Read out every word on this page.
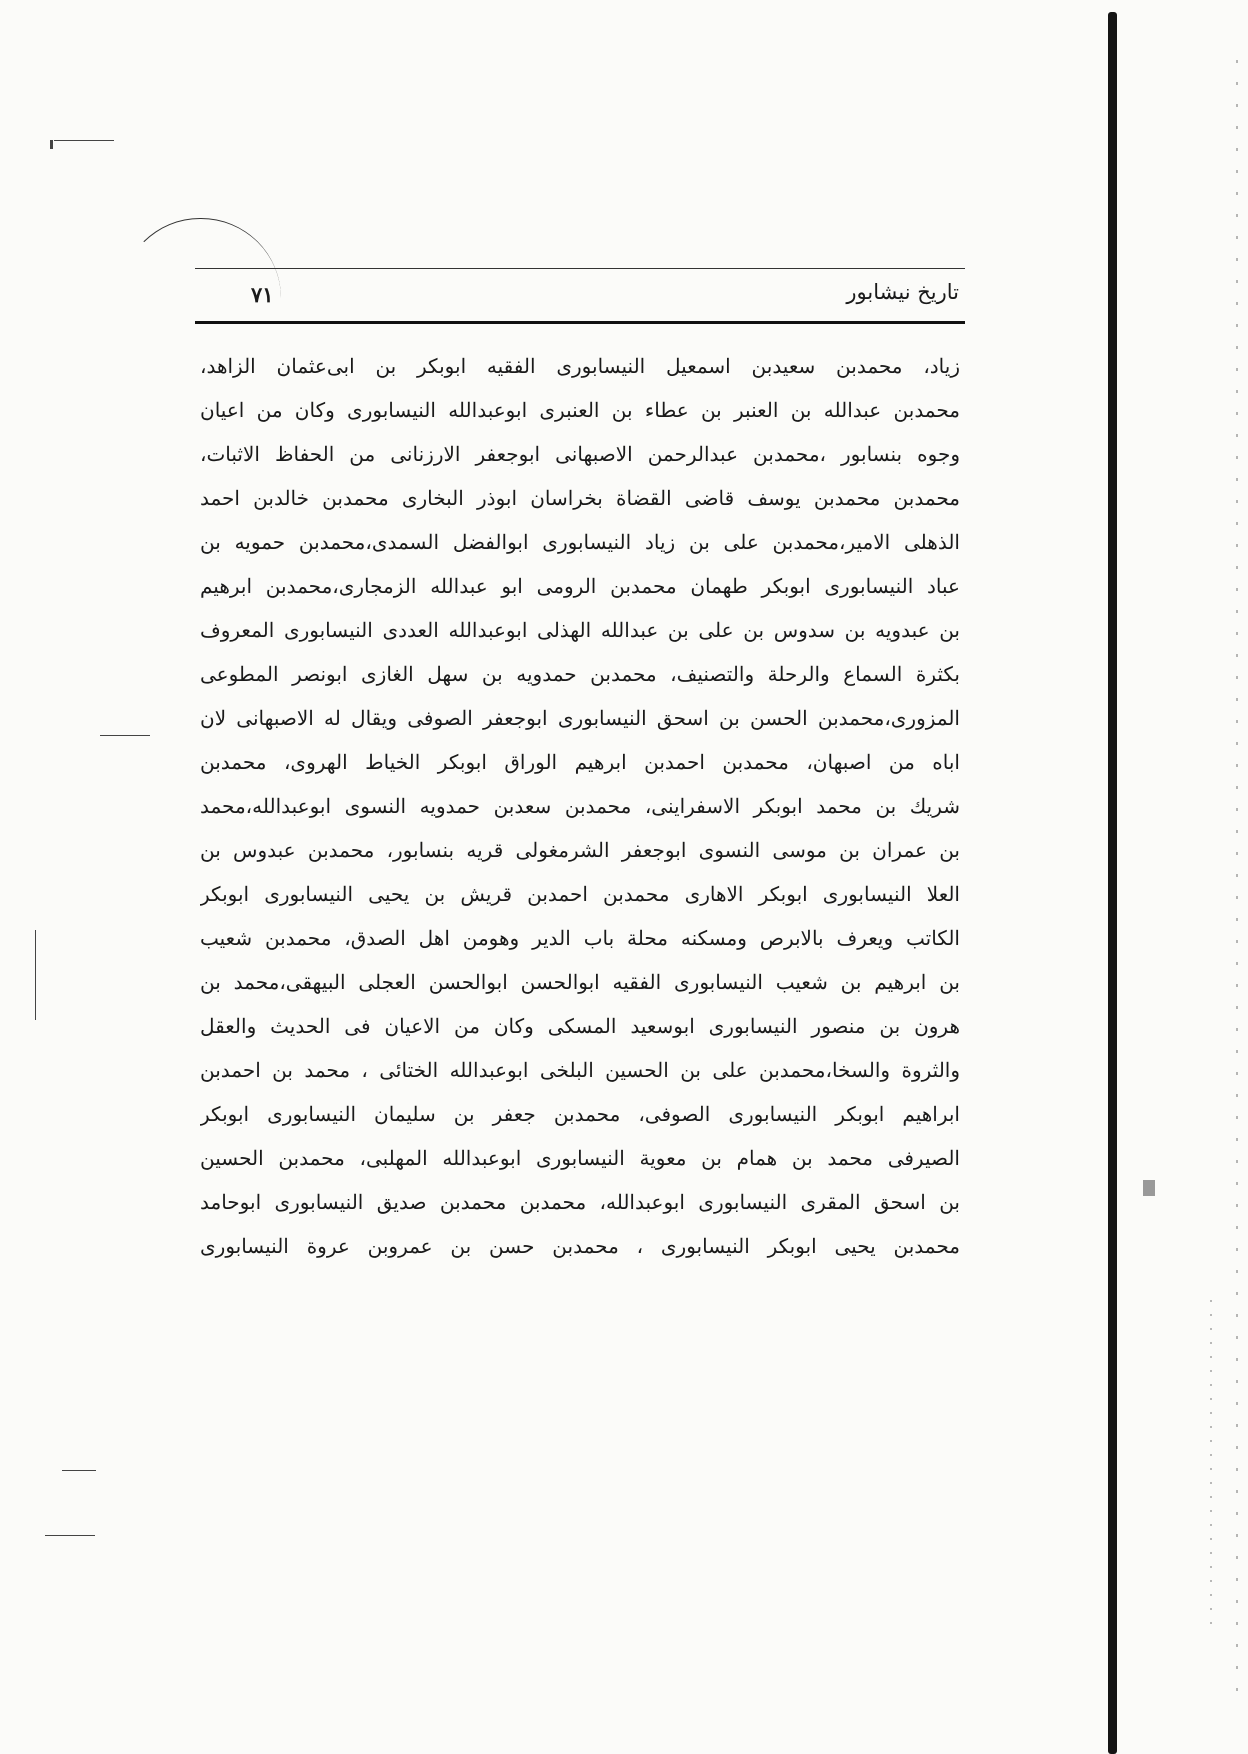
٧١	تاريخ نيشابور
زياد، محمدبن سعيدبن اسمعيل النيسابوری الفقيه ابوبكر بن ابی‌عثمان الزاهد،
محمدبن عبدالله بن العنبر بن عطاء بن العنبری ابوعبدالله النيسابوری وكان من اعيان
وجوه بنسابور ،محمدبن عبدالرحمن الاصبهانی ابوجعفر الارزنانی من الحفاظ الاثبات،
محمدبن محمدبن يوسف قاضی القضاة بخراسان ابوذر البخاری محمدبن خالدبن احمد
الذهلی الامير،محمدبن علی بن زياد النيسابوری ابوالفضل السمدی،محمدبن حمويه بن
عباد النيسابوری ابوبكر طهمان محمدبن الرومی ابو عبدالله الزمجاری،محمدبن ابرهيم
بن عبدويه بن سدوس بن علی بن عبدالله الهذلی ابوعبدالله العددی النيسابوری المعروف
بكثرة السماع والرحلة والتصنيف، محمدبن حمدويه بن سهل الغازی ابونصر المطوعی
المزوری،محمدبن الحسن بن اسحق النيسابوری ابوجعفر الصوفی ويقال له الاصبهانی لان
اباه من اصبهان، محمدبن احمدبن ابرهيم الوراق ابوبكر الخياط الهروی، محمدبن
شريك بن محمد ابوبكر الاسفراينی، محمدبن سعدبن حمدويه النسوی ابوعبدالله،محمد
بن عمران بن موسی النسوی ابوجعفر الشرمغولی قريه بنسابور، محمدبن عبدوس بن
العلا النيسابوری ابوبكر الاهاری محمدبن احمدبن قريش بن يحيی النيسابوری ابوبكر
الكاتب ويعرف بالابرص ومسكنه محلة باب الدير وهومن اهل الصدق، محمدبن شعيب
بن ابرهيم بن شعيب النيسابوری الفقيه ابوالحسن ابوالحسن العجلی البيهقی،محمد بن
هرون بن منصور النيسابوری ابوسعيد المسكی وكان من الاعيان فی الحديث والعقل
والثروة والسخا،محمدبن علی بن الحسين البلخی ابوعبدالله الختائی ، محمد بن احمدبن
ابراهيم ابوبكر النيسابوری الصوفی، محمدبن جعفر بن سليمان النيسابوری ابوبكر
الصيرفی محمد بن همام بن معوية النيسابوری ابوعبدالله المهلبی، محمدبن الحسين
بن اسحق المقری النيسابوری ابوعبدالله، محمدبن محمدبن صديق النيسابوری ابوحامد
محمدبن يحيی ابوبكر النيسابوری ، محمدبن حسن بن عمروبن عروة النيسابوری
